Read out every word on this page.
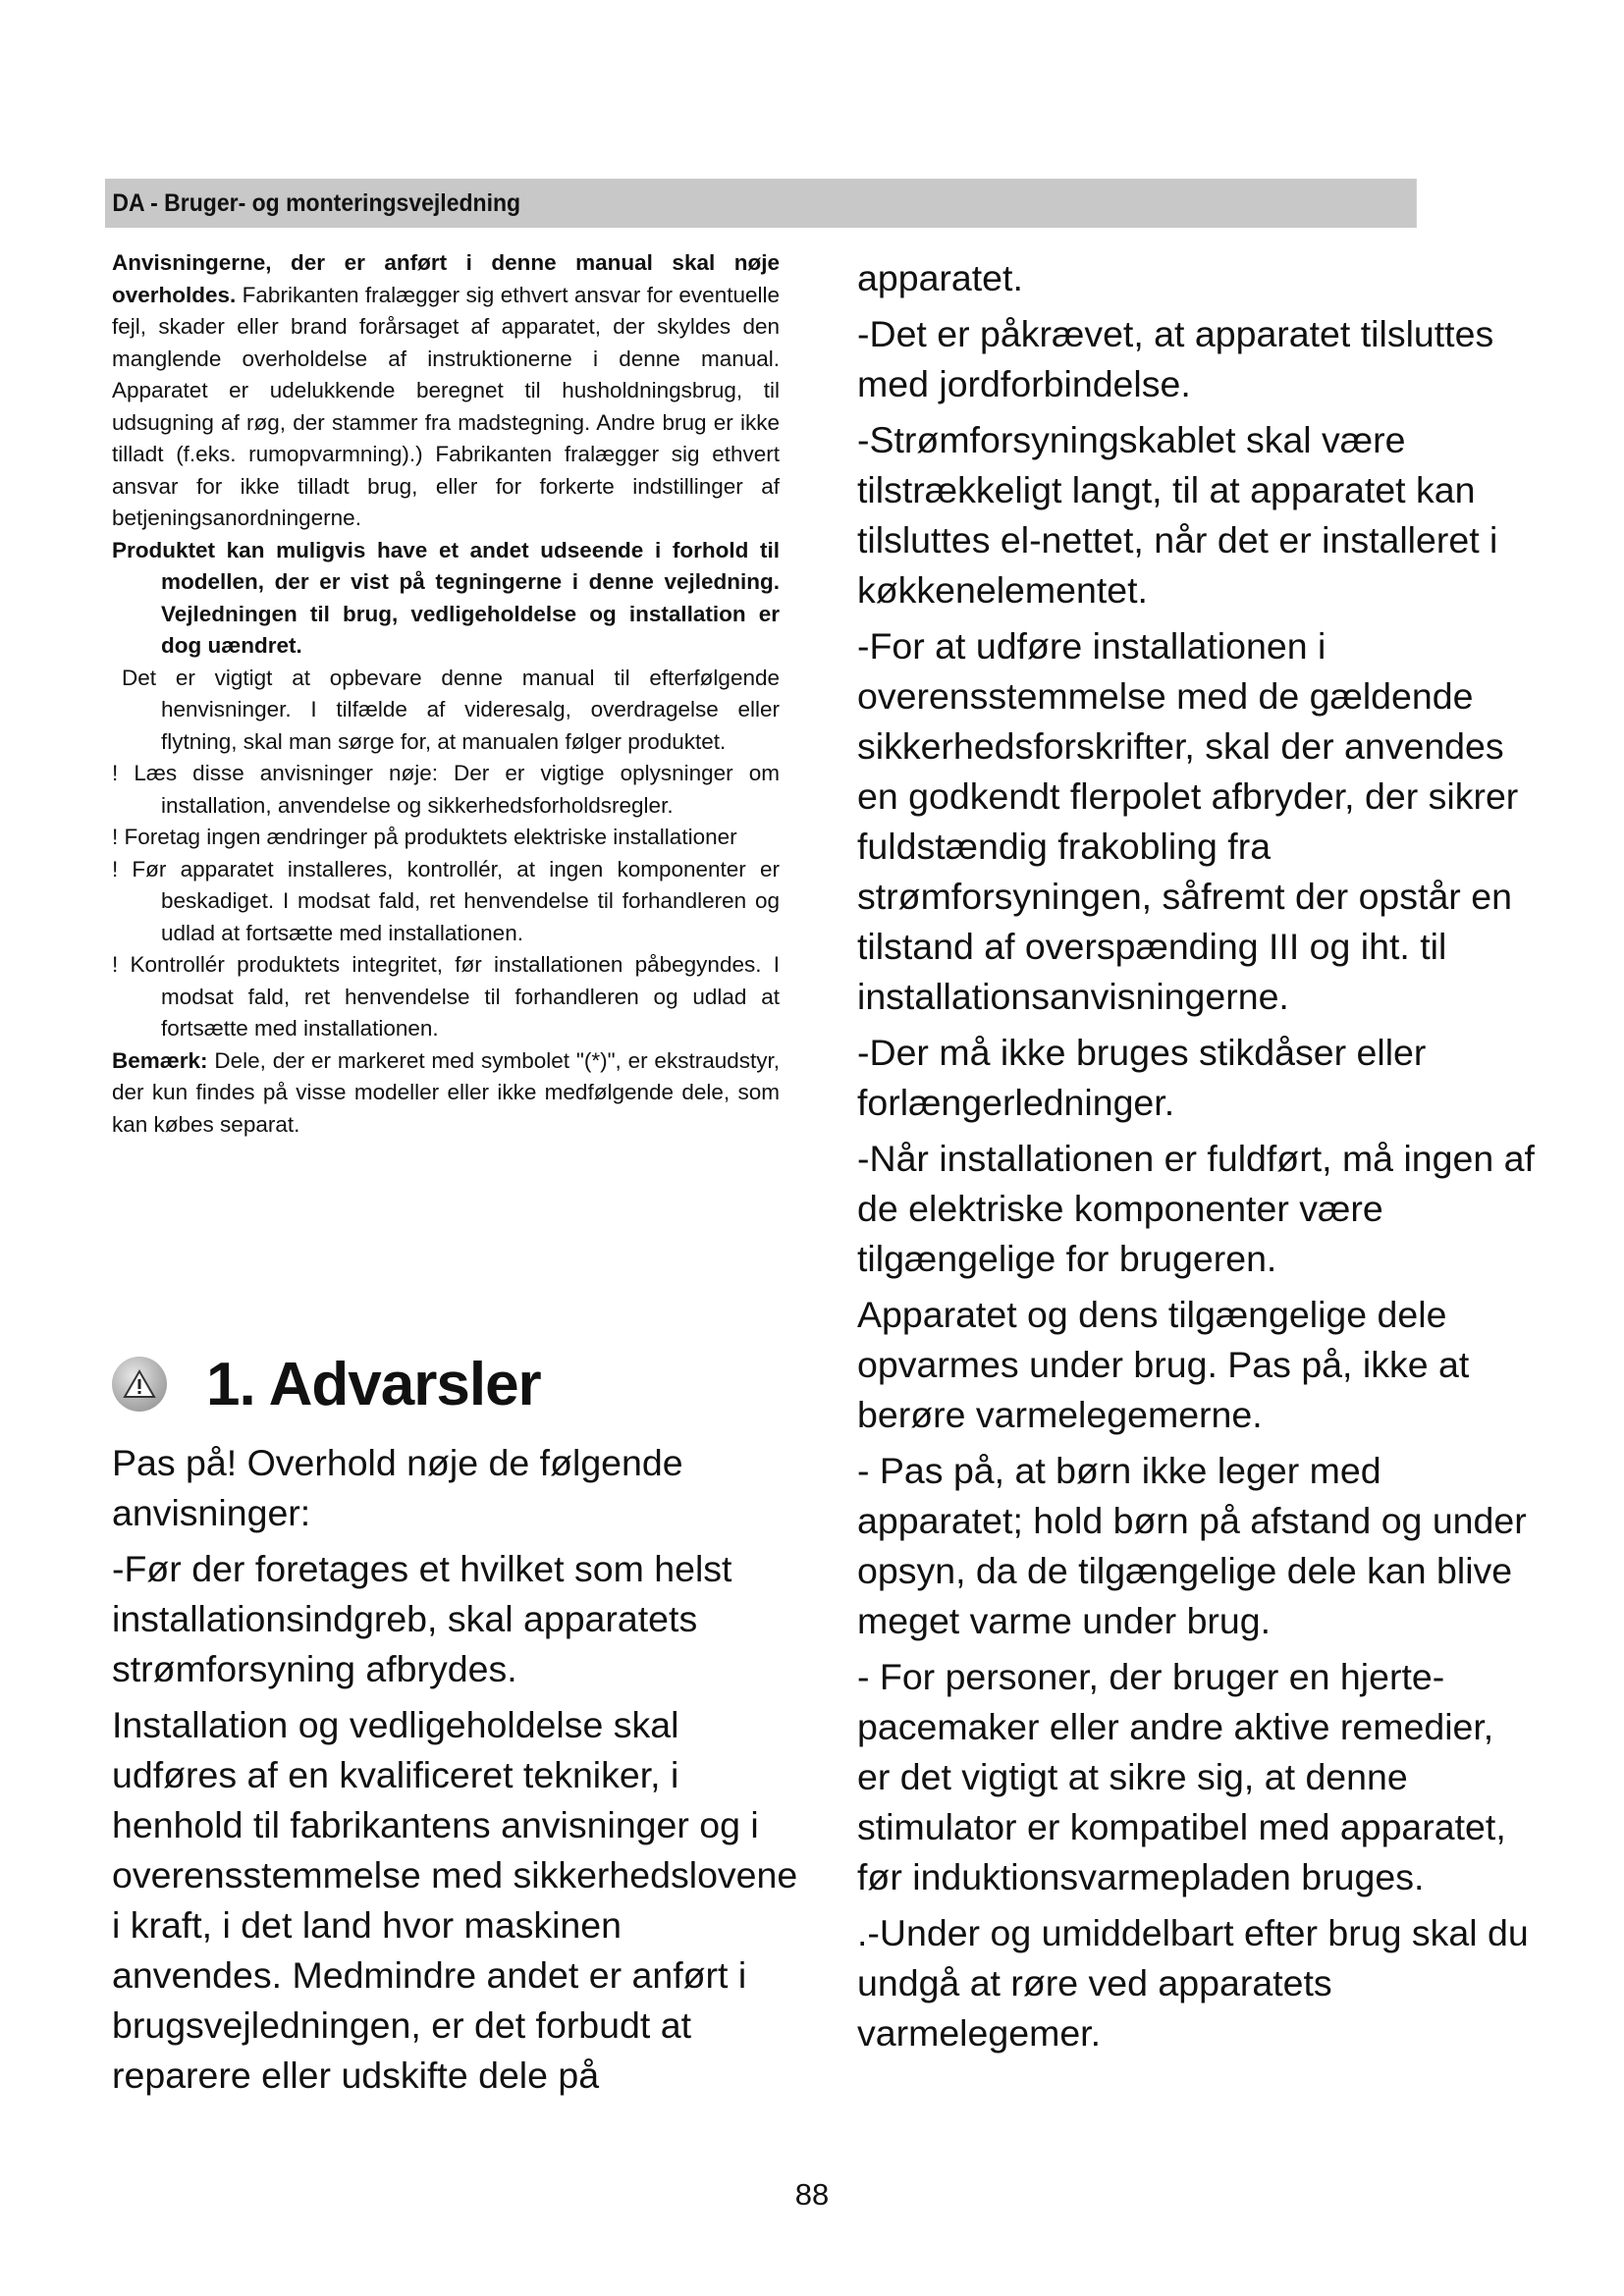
DA - Bruger- og monteringsvejledning

Anvisningerne, der er anført i denne manual skal nøje overholdes. Fabrikanten fralægger sig ethvert ansvar for eventuelle fejl, skader eller brand forårsaget af apparatet, der skyldes den manglende overholdelse af instruktionerne i denne manual. Apparatet er udelukkende beregnet til husholdningsbrug, til udsugning af røg, der stammer fra madstegning. Andre brug er ikke tilladt (f.eks. rumopvarmning).) Fabrikanten fralægger sig ethvert ansvar for ikke tilladt brug, eller for forkerte indstillinger af betjeningsanordningerne.

Produktet kan muligvis have et andet udseende i forhold til modellen, der er vist på tegningerne i denne vejledning. Vejledningen til brug, vedligeholdelse og installation er dog uændret.

Det er vigtigt at opbevare denne manual til efterfølgende henvisninger. I tilfælde af videresalg, overdragelse eller flytning, skal man sørge for, at manualen følger produktet.

! Læs disse anvisninger nøje: Der er vigtige oplysninger om installation, anvendelse og sikkerhedsforholdsregler.

! Foretag ingen ændringer på produktets elektriske installationer

! Før apparatet installeres, kontrollér, at ingen komponenter er beskadiget. I modsat fald, ret henvendelse til forhandleren og udlad at fortsætte med installationen.

! Kontrollér produktets integritet, før installationen påbegyndes. I modsat fald, ret henvendelse til forhandleren og udlad at fortsætte med installationen.

Bemærk: Dele, der er markeret med symbolet "(*)", er ekstraudstyr, der kun findes på visse modeller eller ikke medfølgende dele, som kan købes separat.

1. Advarsler

Pas på! Overhold nøje de følgende anvisninger:

-Før der foretages et hvilket som helst installationsindgreb, skal apparatets strømforsyning afbrydes.

Installation og vedligeholdelse skal udføres af en kvalificeret tekniker, i henhold til fabrikantens anvisninger og i overensstemmelse med sikkerhedslovene i kraft, i det land hvor maskinen anvendes. Medmindre andet er anført i brugsvejledningen, er det forbudt at reparere eller udskifte dele på

apparatet.

-Det er påkrævet, at apparatet tilsluttes med jordforbindelse.

-Strømforsyningskablet skal være tilstrækkeligt langt, til at apparatet kan tilsluttes el-nettet, når det er installeret i køkkenelementet.

-For at udføre installationen i overensstemmelse med de gældende sikkerhedsforskrifter, skal der anvendes en godkendt flerpolet afbryder, der sikrer fuldstændig frakobling fra strømforsyningen, såfremt der opstår en tilstand af overspænding III og iht. til installationsanvisningerne.

-Der må ikke bruges stikdåser eller forlængerledninger.

-Når installationen er fuldført, må ingen af de elektriske komponenter være tilgængelige for brugeren.

Apparatet og dens tilgængelige dele opvarmes under brug. Pas på, ikke at berøre varmelegemerne.

- Pas på, at børn ikke leger med apparatet; hold børn på afstand og under opsyn, da de tilgængelige dele kan blive meget varme under brug.

- For personer, der bruger en hjerte-pacemaker eller andre aktive remedier, er det vigtigt at sikre sig, at denne stimulator er kompatibel med apparatet, før induktionsvarmepladen bruges.

.-Under og umiddelbart efter brug skal du undgå at røre ved apparatets varmelegemer.

88
